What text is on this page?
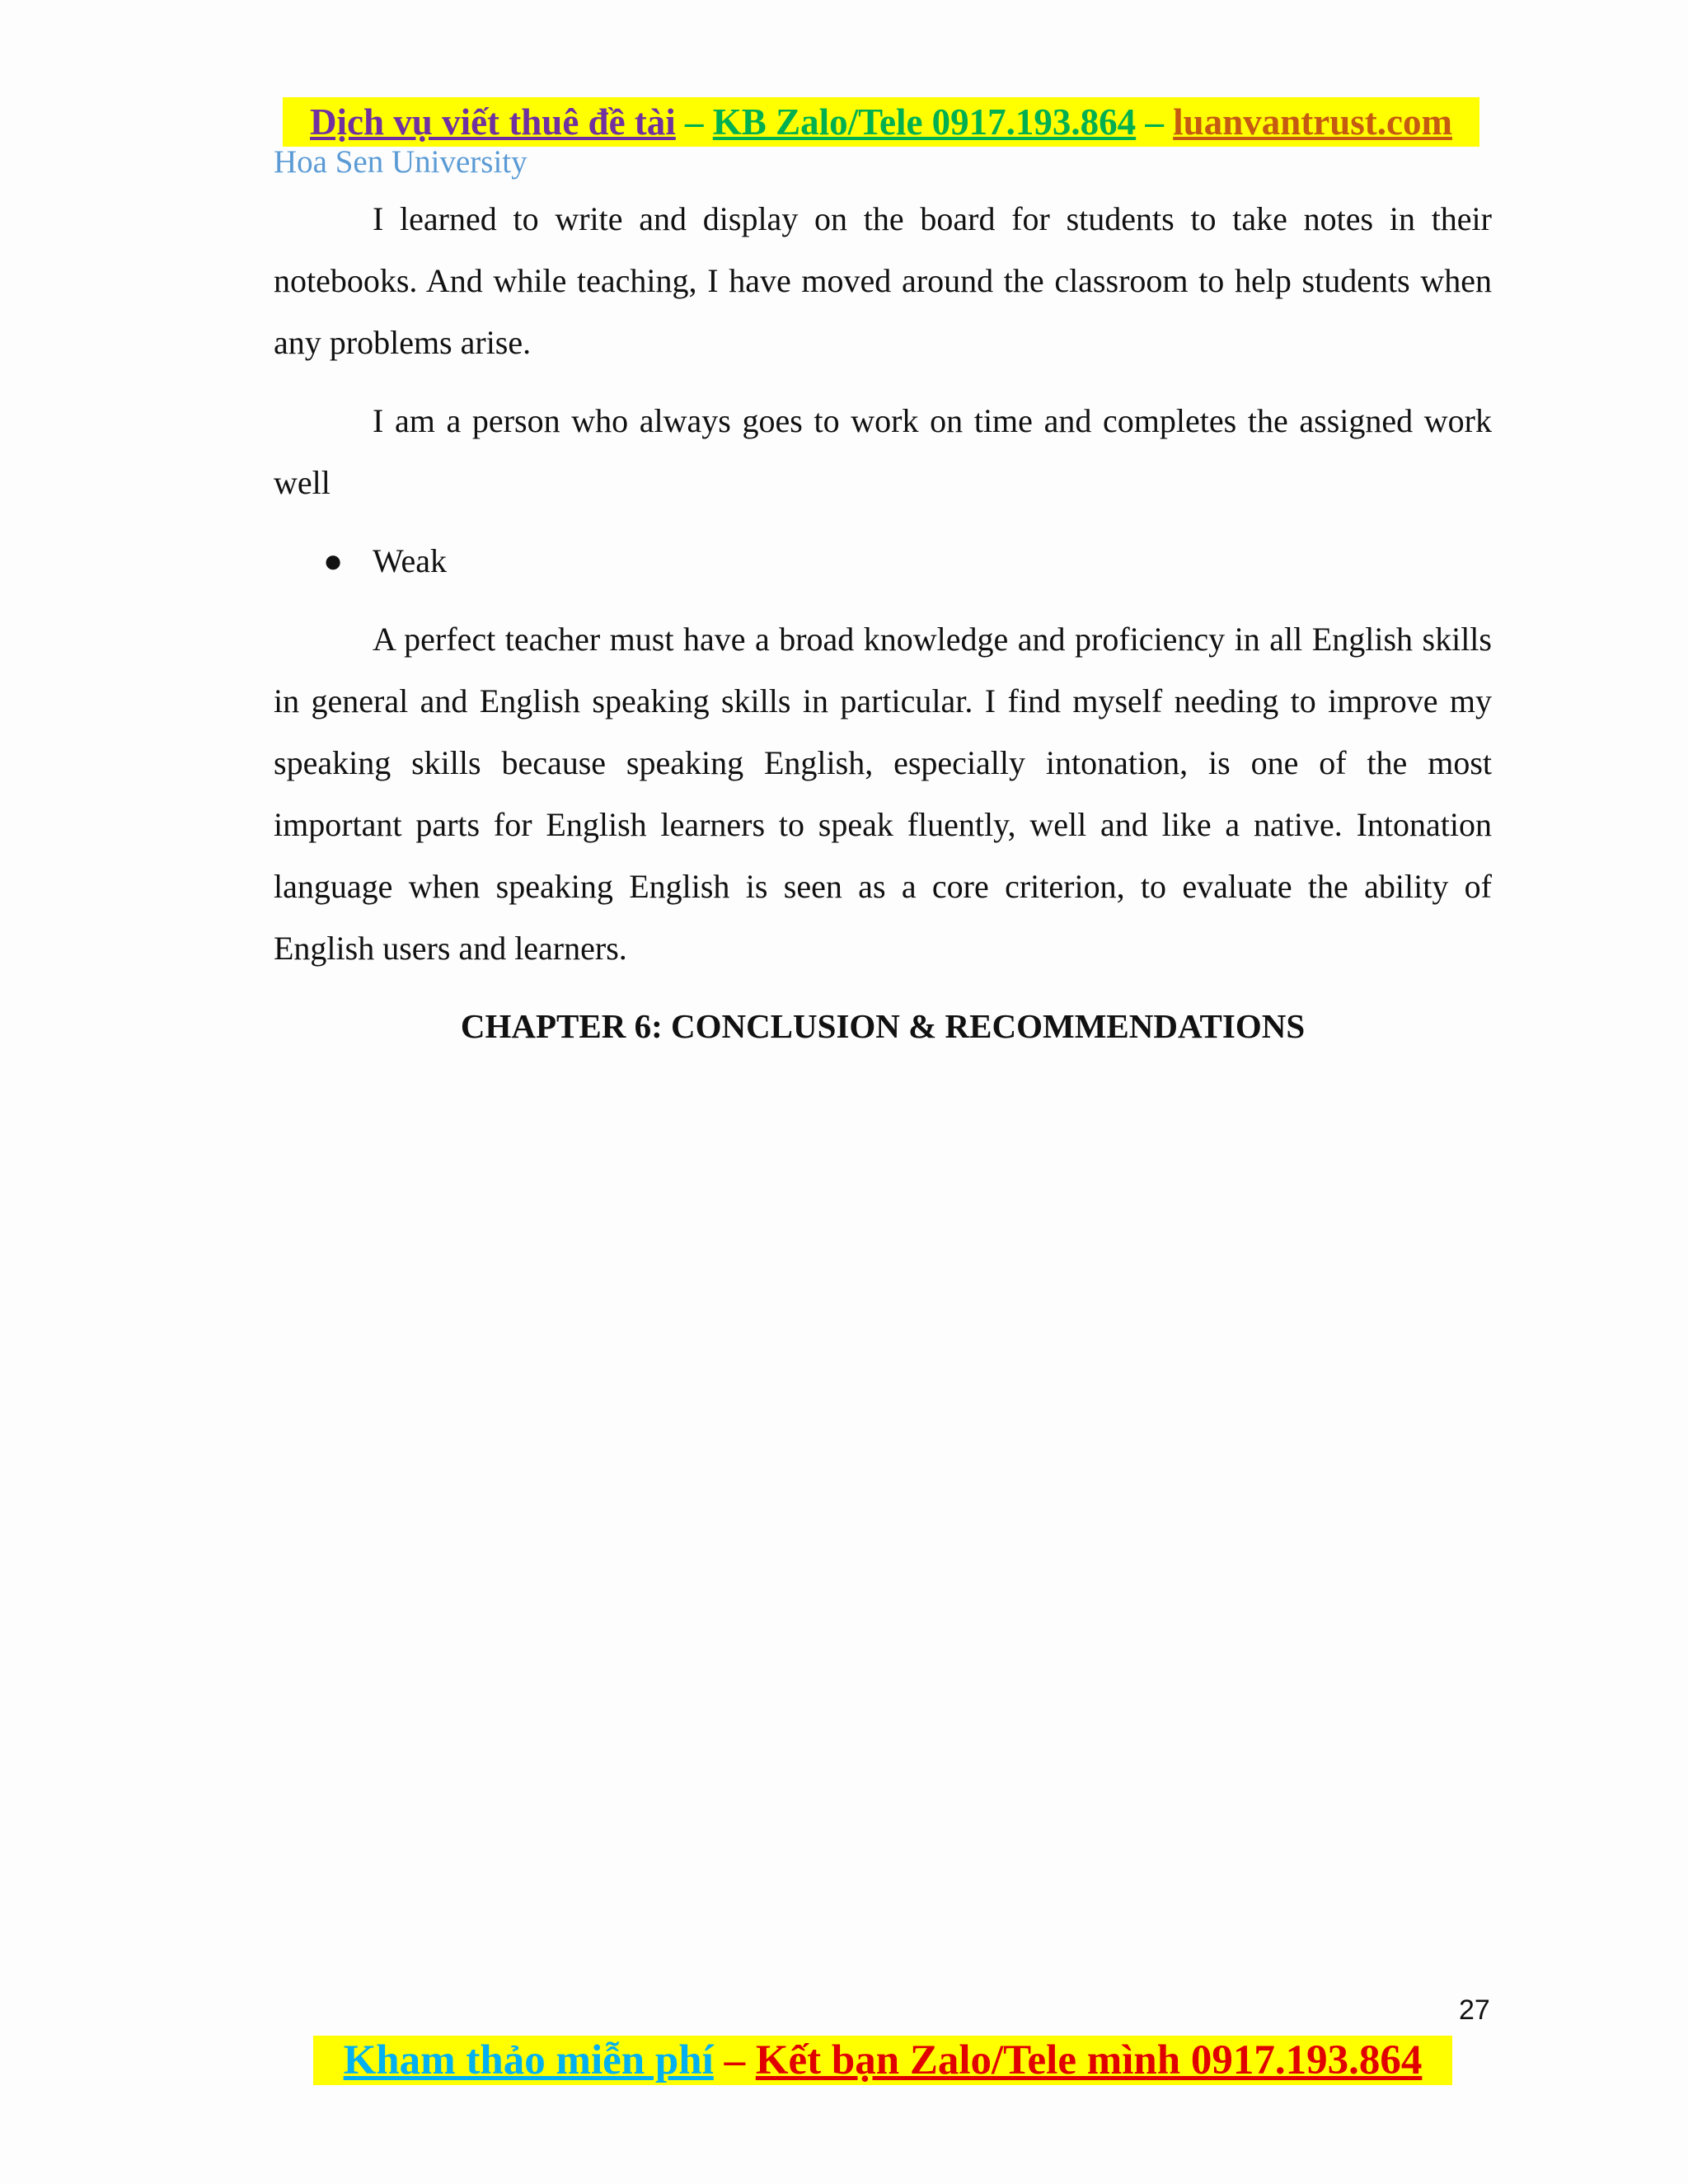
Dịch vụ viết thuê đề tài – KB Zalo/Tele 0917.193.864 – luanvantrust.com
Hoa Sen University

I learned to write and display on the board for students to take notes in their notebooks. And while teaching, I have moved around the classroom to help students when any problems arise.

I am a person who always goes to work on time and completes the assigned work well

● Weak

A perfect teacher must have a broad knowledge and proficiency in all English skills in general and English speaking skills in particular. I find myself needing to improve my speaking skills because speaking English, especially intonation, is one of the most important parts for English learners to speak fluently, well and like a native. Intonation language when speaking English is seen as a core criterion, to evaluate the ability of English users and learners.

CHAPTER 6: CONCLUSION & RECOMMENDATIONS

27
Kham thảo miễn phí – Kết bạn Zalo/Tele mình 0917.193.864
